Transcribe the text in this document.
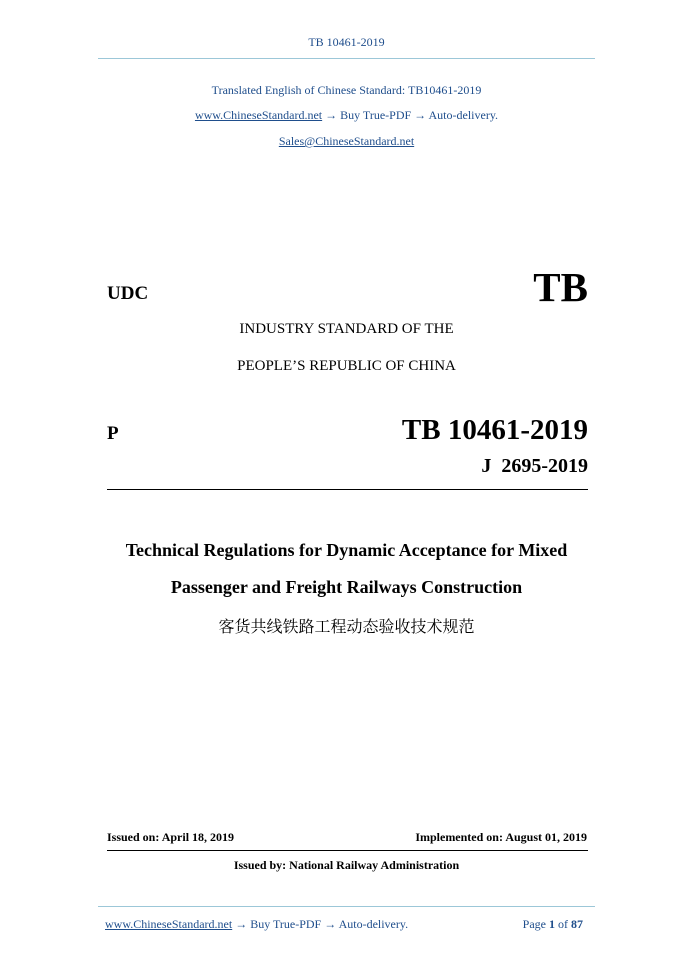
TB 10461-2019
Translated English of Chinese Standard: TB10461-2019
www.ChineseStandard.net → Buy True-PDF → Auto-delivery.
Sales@ChineseStandard.net
UDC	TB
INDUSTRY STANDARD OF THE
PEOPLE’S REPUBLIC OF CHINA
P	TB 10461-2019
J  2695-2019
Technical Regulations for Dynamic Acceptance for Mixed
Passenger and Freight Railways Construction
客货共线铁路工程动态验收技术规范
Issued on: April 18, 2019	Implemented on: August 01, 2019
Issued by: National Railway Administration
www.ChineseStandard.net → Buy True-PDF → Auto-delivery.	Page 1 of 87
